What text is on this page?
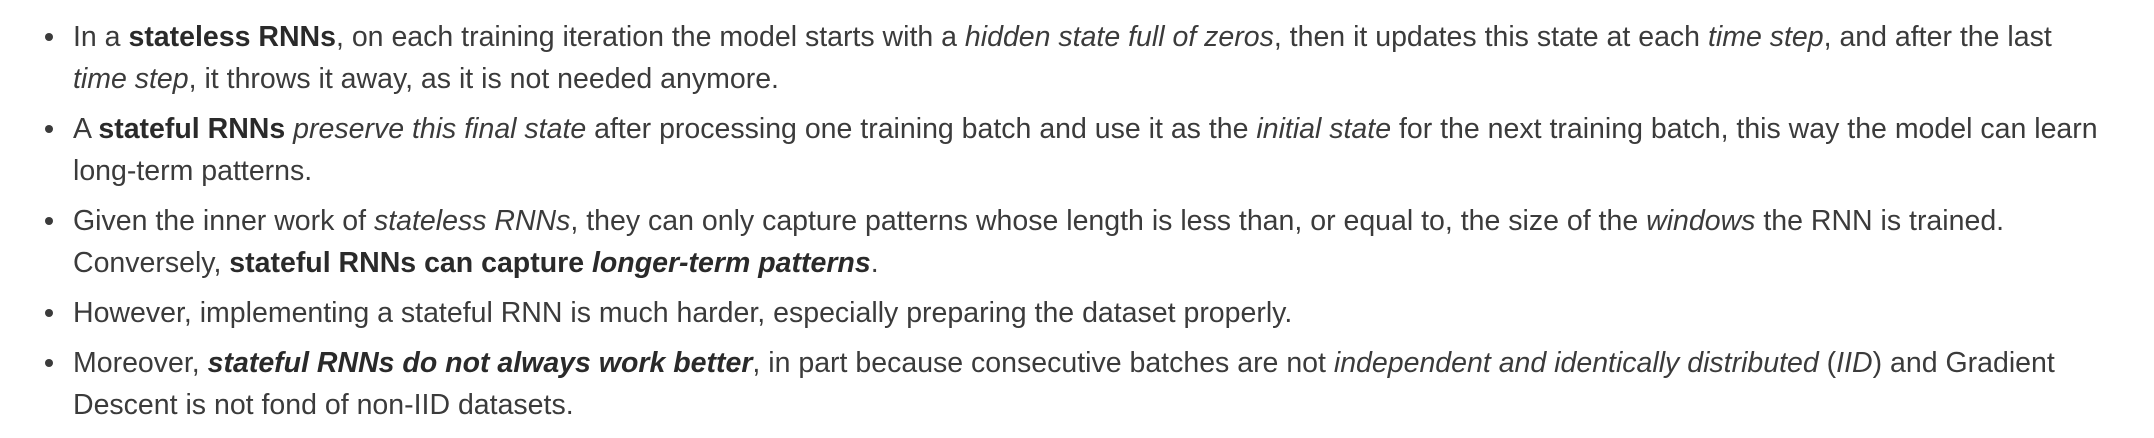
In a stateless RNNs, on each training iteration the model starts with a hidden state full of zeros, then it updates this state at each time step, and after the last time step, it throws it away, as it is not needed anymore.
A stateful RNNs preserve this final state after processing one training batch and use it as the initial state for the next training batch, this way the model can learn long-term patterns.
Given the inner work of stateless RNNs, they can only capture patterns whose length is less than, or equal to, the size of the windows the RNN is trained. Conversely, stateful RNNs can capture longer-term patterns.
However, implementing a stateful RNN is much harder, especially preparing the dataset properly.
Moreover, stateful RNNs do not always work better, in part because consecutive batches are not independent and identically distributed (IID) and Gradient Descent is not fond of non-IID datasets.
